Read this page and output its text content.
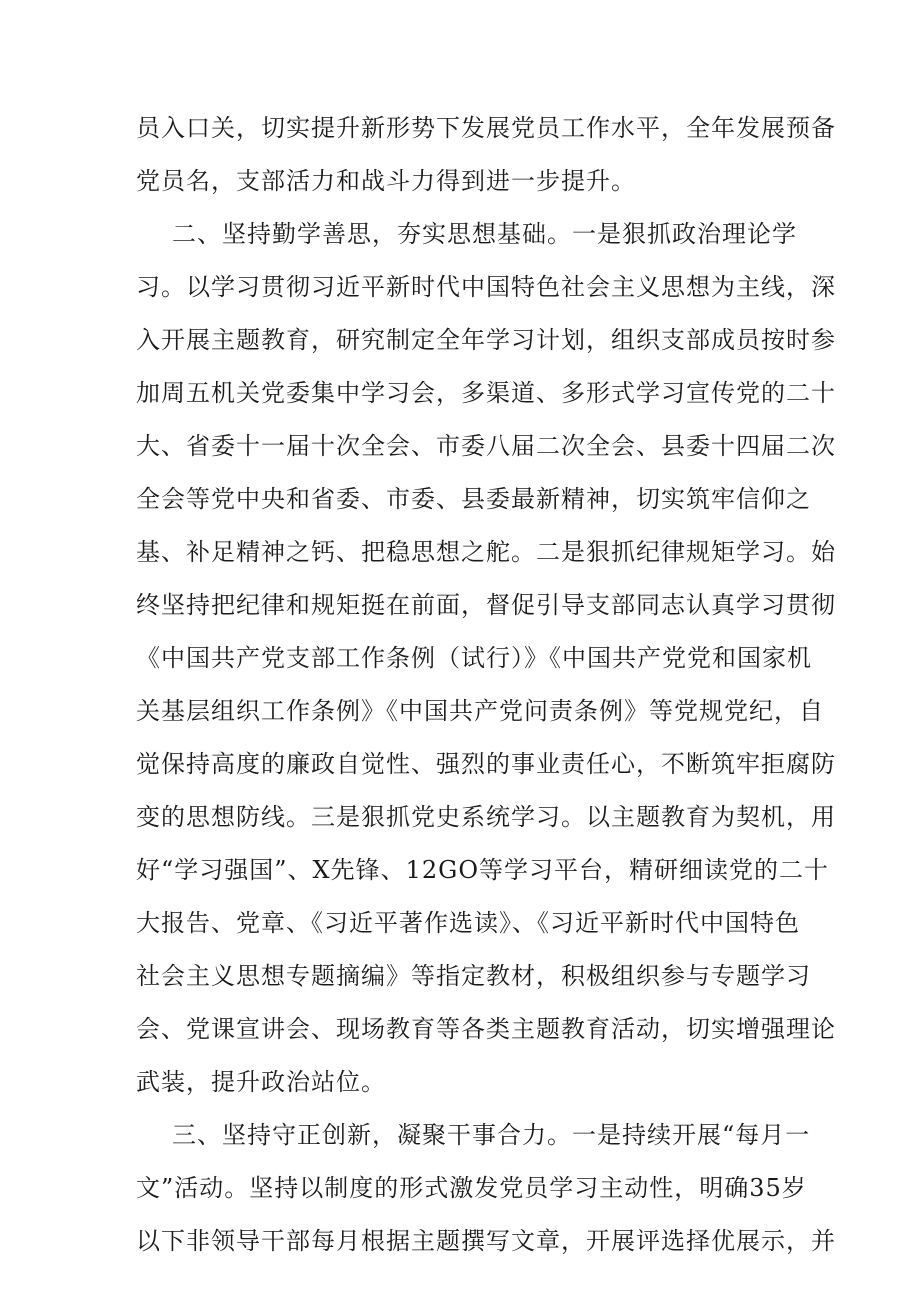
员入口关，切实提升新形势下发展党员工作水平，全年发展预备
党员名，支部活力和战斗力得到进一步提升。
二、坚持勤学善思，夯实思想基础。一是狠抓政治理论学
习。以学习贯彻习近平新时代中国特色社会主义思想为主线，深
入开展主题教育，研究制定全年学习计划，组织支部成员按时参
加周五机关党委集中学习会，多渠道、多形式学习宣传党的二十
大、省委十一届十次全会、市委八届二次全会、县委十四届二次
全会等党中央和省委、市委、县委最新精神，切实筑牢信仰之
基、补足精神之钙、把稳思想之舵。二是狠抓纪律规矩学习。始
终坚持把纪律和规矩挺在前面，督促引导支部同志认真学习贯彻
《中国共产党支部工作条例（试行）》《中国共产党党和国家机
关基层组织工作条例》《中国共产党问责条例》等党规党纪，自
觉保持高度的廉政自觉性、强烈的事业责任心，不断筑牢拒腐防
变的思想防线。三是狠抓党史系统学习。以主题教育为契机，用
好“学习强国”、X先锋、12GO等学习平台，精研细读党的二十
大报告、党章、《习近平著作选读》、《习近平新时代中国特色
社会主义思想专题摘编》等指定教材，积极组织参与专题学习
会、党课宣讲会、现场教育等各类主题教育活动，切实增强理论
武装，提升政治站位。
三、坚持守正创新，凝聚干事合力。一是持续开展“每月一
文”活动。坚持以制度的形式激发党员学习主动性，明确35岁
以下非领导干部每月根据主题撰写文章，开展评选择优展示，并
